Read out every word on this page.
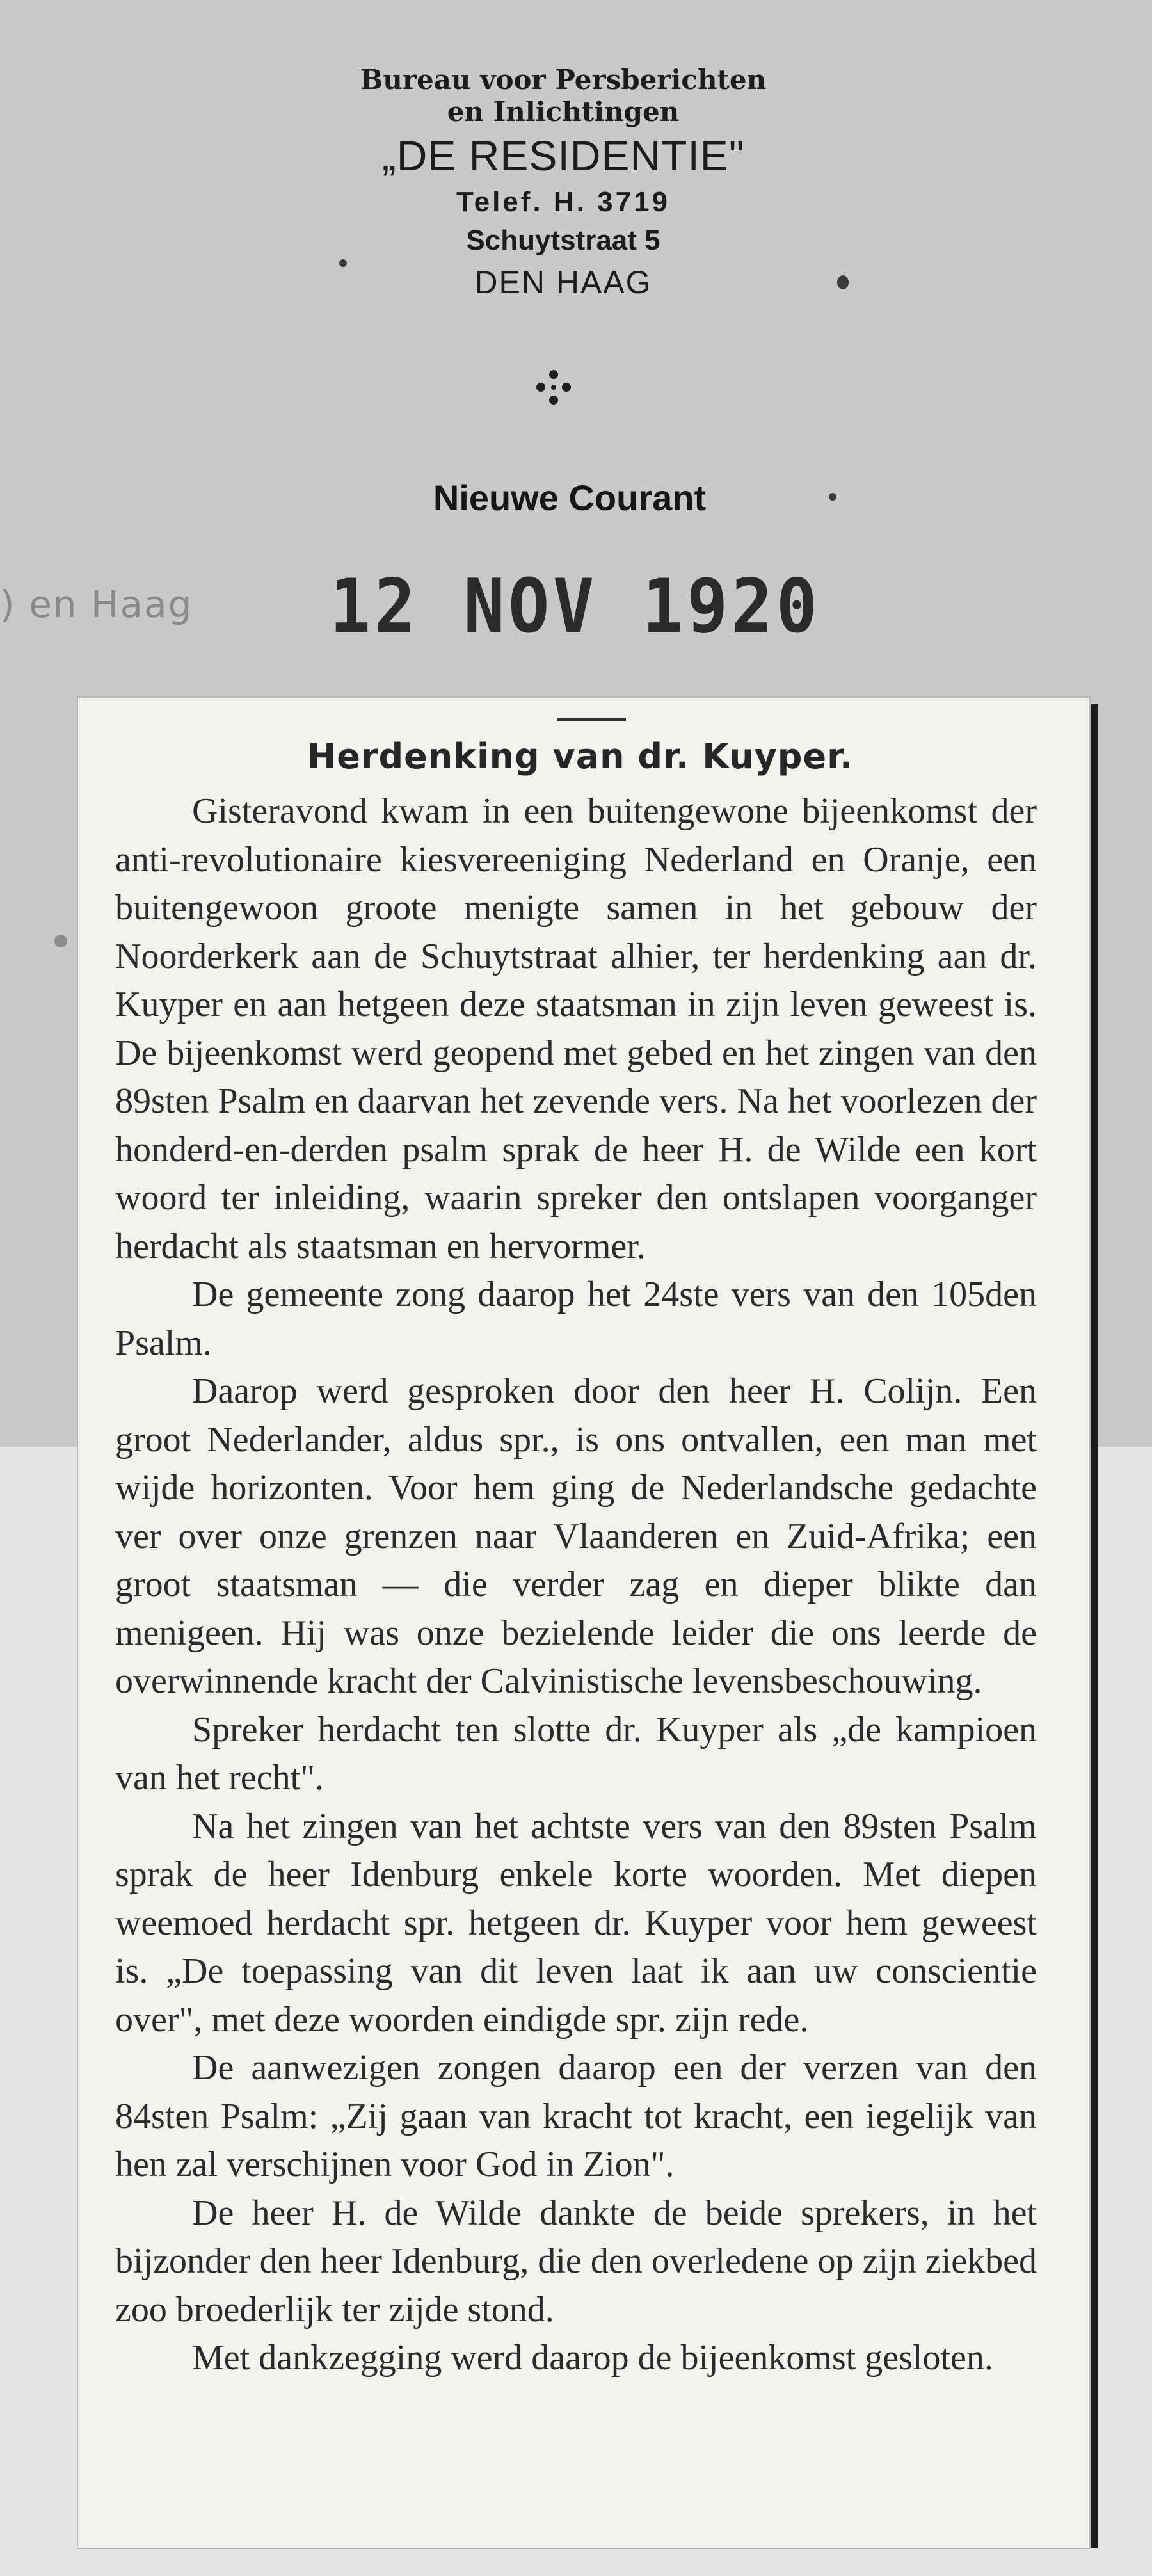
Bureau voor Persberichten
en Inlichtingen
„DE RESIDENTIE"
Telef. H. 3719
Schuytstraat 5
DEN HAAG
Nieuwe Courant
) en Haag 12 NOV 1920
Herdenking van dr. Kuyper.

Gisteravond kwam in een buitengewone bijeenkomst der anti-revolutionaire kiesvereeniging Nederland en Oranje, een buitengewoon groote menigte samen in het gebouw der Noorderkerk aan de Schuytstraat alhier, ter herdenking aan dr. Kuyper en aan hetgeen deze staatsman in zijn leven geweest is. De bijeenkomst werd geopend met gebed en het zingen van den 89sten Psalm en daarvan het zevende vers. Na het voorlezen der honderd-en-derden psalm sprak de heer H. de Wilde een kort woord ter inleiding, waarin spreker den ontslapen voorganger herdacht als staatsman en hervormer.

De gemeente zong daarop het 24ste vers van den 105den Psalm.

Daarop werd gesproken door den heer H. Colijn. Een groot Nederlander, aldus spr., is ons ontvallen, een man met wijde horizonten. Voor hem ging de Nederlandsche gedachte ver over onze grenzen naar Vlaanderen en Zuid-Afrika; een groot staatsman — die verder zag en dieper blikte dan menigeen. Hij was onze bezielende leider die ons leerde de overwinnende kracht der Calvinistische levensbeschouwing.

Spreker herdacht ten slotte dr. Kuyper als „de kampioen van het recht".

Na het zingen van het achtste vers van den 89sten Psalm sprak de heer Idenburg enkele korte woorden. Met diepen weemoed herdacht spr. hetgeen dr. Kuyper voor hem geweest is. „De toepassing van dit leven laat ik aan uw conscientie over", met deze woorden eindigde spr. zijn rede.

De aanwezigen zongen daarop een der verzen van den 84sten Psalm: „Zij gaan van kracht tot kracht, een iegelijk van hen zal verschijnen voor God in Zion".

De heer H. de Wilde dankte de beide sprekers, in het bijzonder den heer Idenburg, die den overledene op zijn ziekbed zoo broederlijk ter zijde stond.

Met dankzegging werd daarop de bijeenkomst gesloten.
